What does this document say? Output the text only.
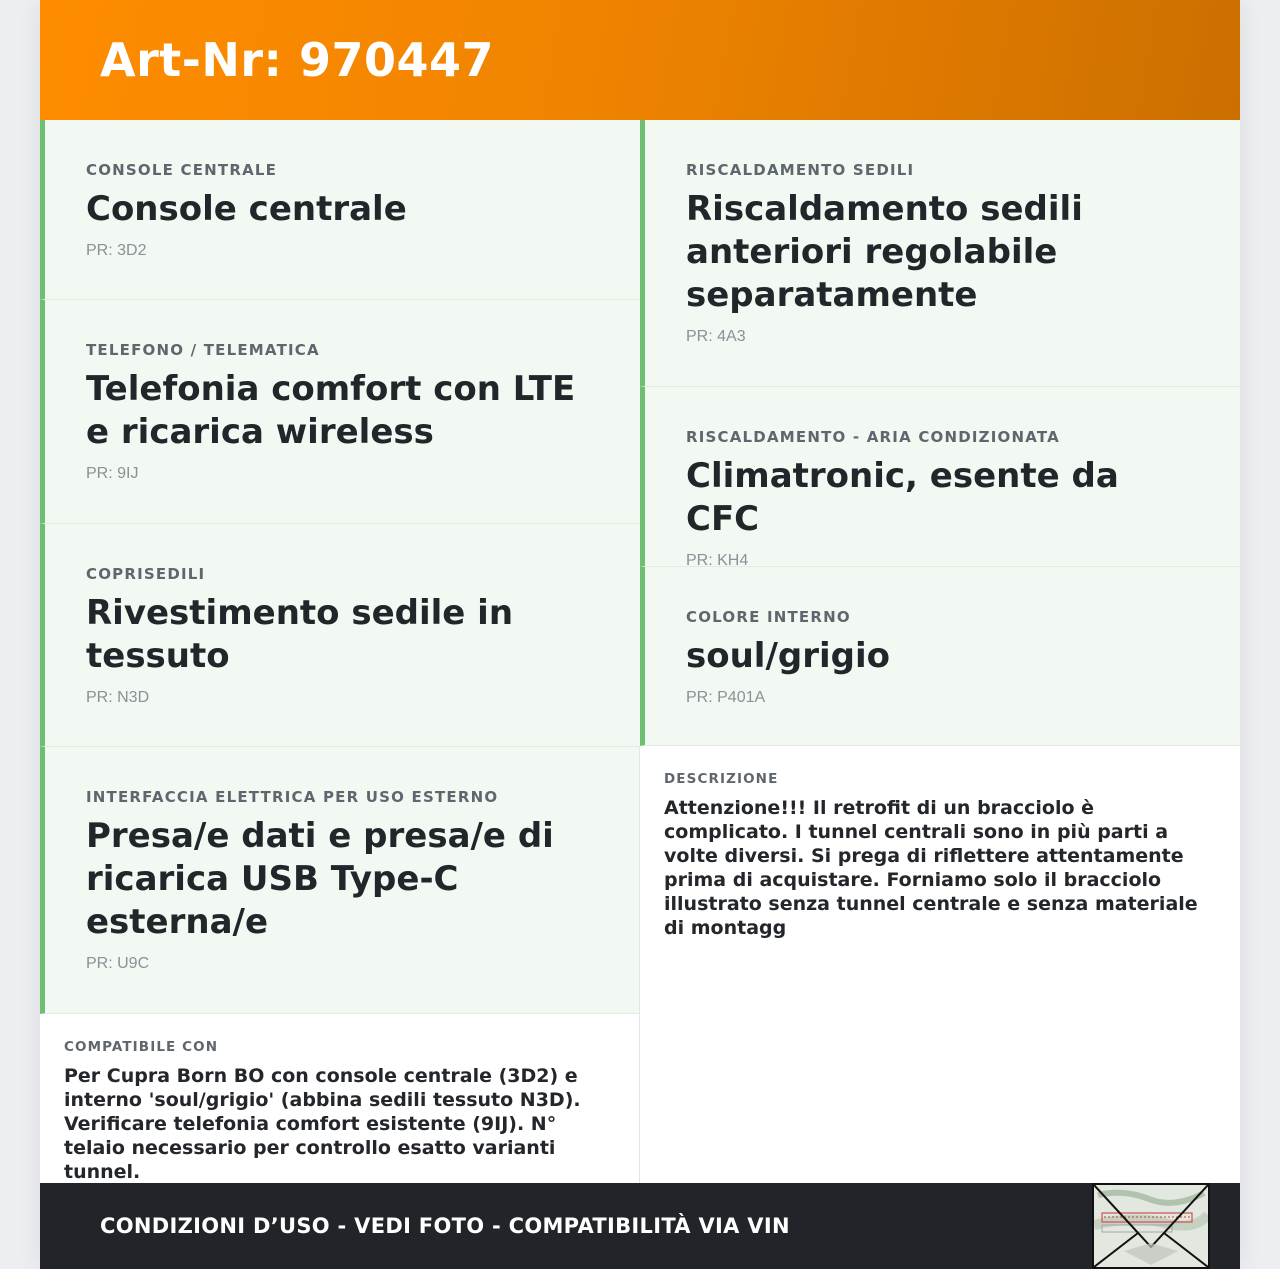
Art-Nr: 970447
CONSOLE CENTRALE
Console centrale
PR: 3D2
TELEFONO / TELEMATICA
Telefonia comfort con LTE e ricarica wireless
PR: 9IJ
COPRISEDILI
Rivestimento sedile in tessuto
PR: N3D
INTERFACCIA ELETTRICA PER USO ESTERNO
Presa/e dati e presa/e di ricarica USB Type-C esterna/e
PR: U9C
RISCALDAMENTO SEDILI
Riscaldamento sedili anteriori regolabile separatamente
PR: 4A3
RISCALDAMENTO - ARIA CONDIZIONATA
Climatronic, esente da CFC
PR: KH4
COLORE INTERNO
soul/grigio
PR: P401A
DESCRIZIONE
Attenzione!!! Il retrofit di un bracciolo è complicato. I tunnel centrali sono in più parti a volte diversi. Si prega di riflettere attentamente prima di acquistare. Forniamo solo il bracciolo illustrato senza tunnel centrale e senza materiale di montagg
COMPATIBILE CON
Per Cupra Born BO con console centrale (3D2) e interno 'soul/grigio' (abbina sedili tessuto N3D). Verificare telefonia comfort esistente (9IJ). N° telaio necessario per controllo esatto varianti tunnel.
CONDIZIONI D’USO - VEDI FOTO - COMPATIBILITÀ VIA VIN
